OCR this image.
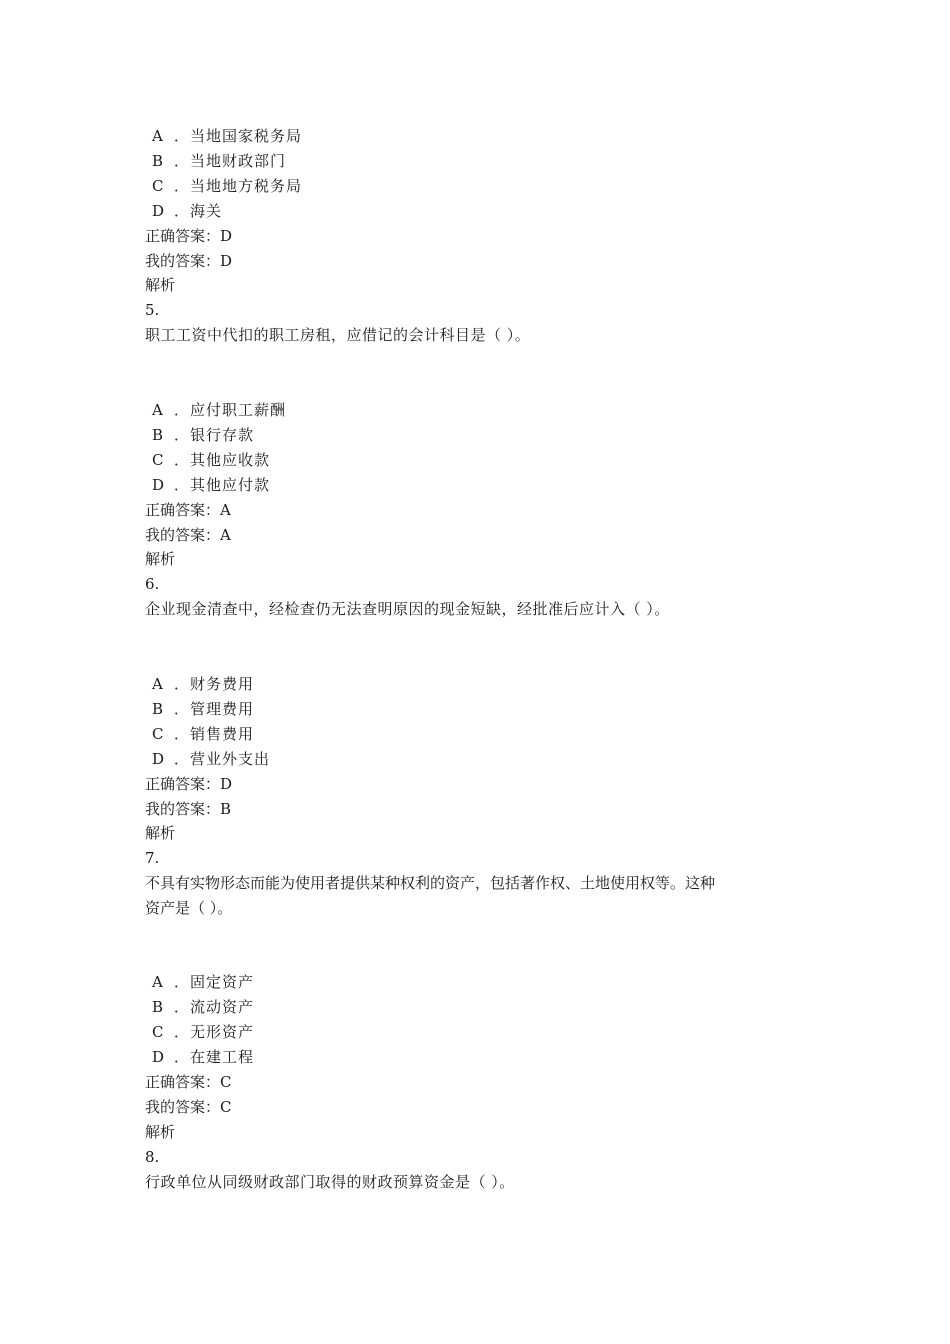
A ．当地国家税务局
B ．当地财政部门
C ．当地地方税务局
D ．海关
正确答案：D
我的答案：D
解析
5.
职工工资中代扣的职工房租，应借记的会计科目是（ ）。
A ．应付职工薪酬
B ．银行存款
C ．其他应收款
D ．其他应付款
正确答案：A
我的答案：A
解析
6.
企业现金清查中，经检查仍无法查明原因的现金短缺，经批准后应计入（ ）。
A ．财务费用
B ．管理费用
C ．销售费用
D ．营业外支出
正确答案：D
我的答案：B
解析
7.
不具有实物形态而能为使用者提供某种权利的资产，包括著作权、土地使用权等。这种
资产是（ ）。
A ．固定资产
B ．流动资产
C ．无形资产
D ．在建工程
正确答案：C
我的答案：C
解析
8.
行政单位从同级财政部门取得的财政预算资金是（ ）。
